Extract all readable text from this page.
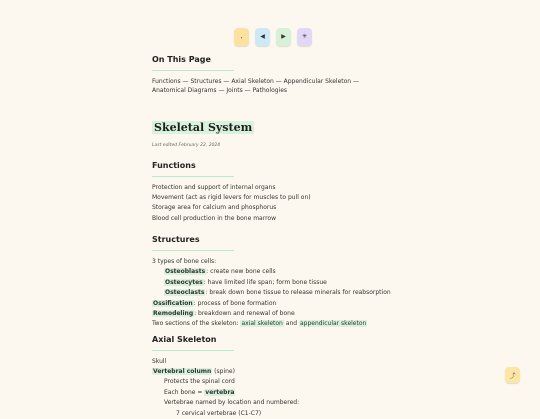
,	◀	▶	✳
On This Page
Functions — Structures — Axial Skeleton — Appendicular Skeleton —
Anatomical Diagrams — Joints — Pathologies
Skeletal System
Last edited February 22, 2024
Functions
Protection and support of internal organs
Movement (act as rigid levers for muscles to pull on)
Storage area for calcium and phosphorus
Blood cell production in the bone marrow
Structures
3 types of bone cells:
Osteoblasts: create new bone cells
Osteocytes: have limited life span; form bone tissue
Osteoclasts: break down bone tissue to release minerals for reabsorption
Ossification: process of bone formation
Remodeling: breakdown and renewal of bone
Two sections of the skeleton: axial skeleton and appendicular skeleton
Axial Skeleton
Skull
Vertebral column (spine)
Protects the spinal cord
Each bone = vertebra
Vertebrae named by location and numbered:
7 cervical vertebrae (C1-C7)
⤴
